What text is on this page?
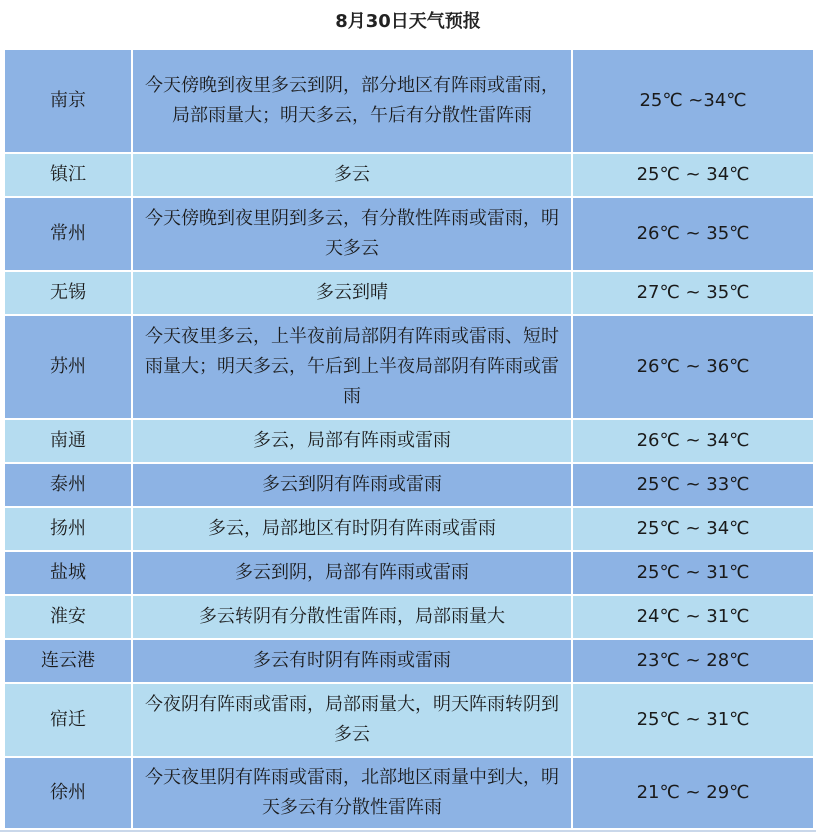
8月30日天气预报
南京	今天傍晚到夜里多云到阴，部分地区有阵雨或雷雨，局部雨量大；明天多云，午后有分散性雷阵雨	25℃ ~34℃
镇江	多云	25℃ ~ 34℃
常州	今天傍晚到夜里阴到多云，有分散性阵雨或雷雨，明天多云	26℃ ~ 35℃
无锡	多云到晴	27℃ ~ 35℃
苏州	今天夜里多云，上半夜前局部阴有阵雨或雷雨、短时雨量大；明天多云，午后到上半夜局部阴有阵雨或雷雨	26℃ ~ 36℃
南通	多云，局部有阵雨或雷雨	26℃ ~ 34℃
泰州	多云到阴有阵雨或雷雨	25℃ ~ 33℃
扬州	多云，局部地区有时阴有阵雨或雷雨	25℃ ~ 34℃
盐城	多云到阴，局部有阵雨或雷雨	25℃ ~ 31℃
淮安	多云转阴有分散性雷阵雨，局部雨量大	24℃ ~ 31℃
连云港	多云有时阴有阵雨或雷雨	23℃ ~ 28℃
宿迁	今夜阴有阵雨或雷雨，局部雨量大，明天阵雨转阴到多云	25℃ ~ 31℃
徐州	今天夜里阴有阵雨或雷雨，北部地区雨量中到大，明天多云有分散性雷阵雨	21℃ ~ 29℃
